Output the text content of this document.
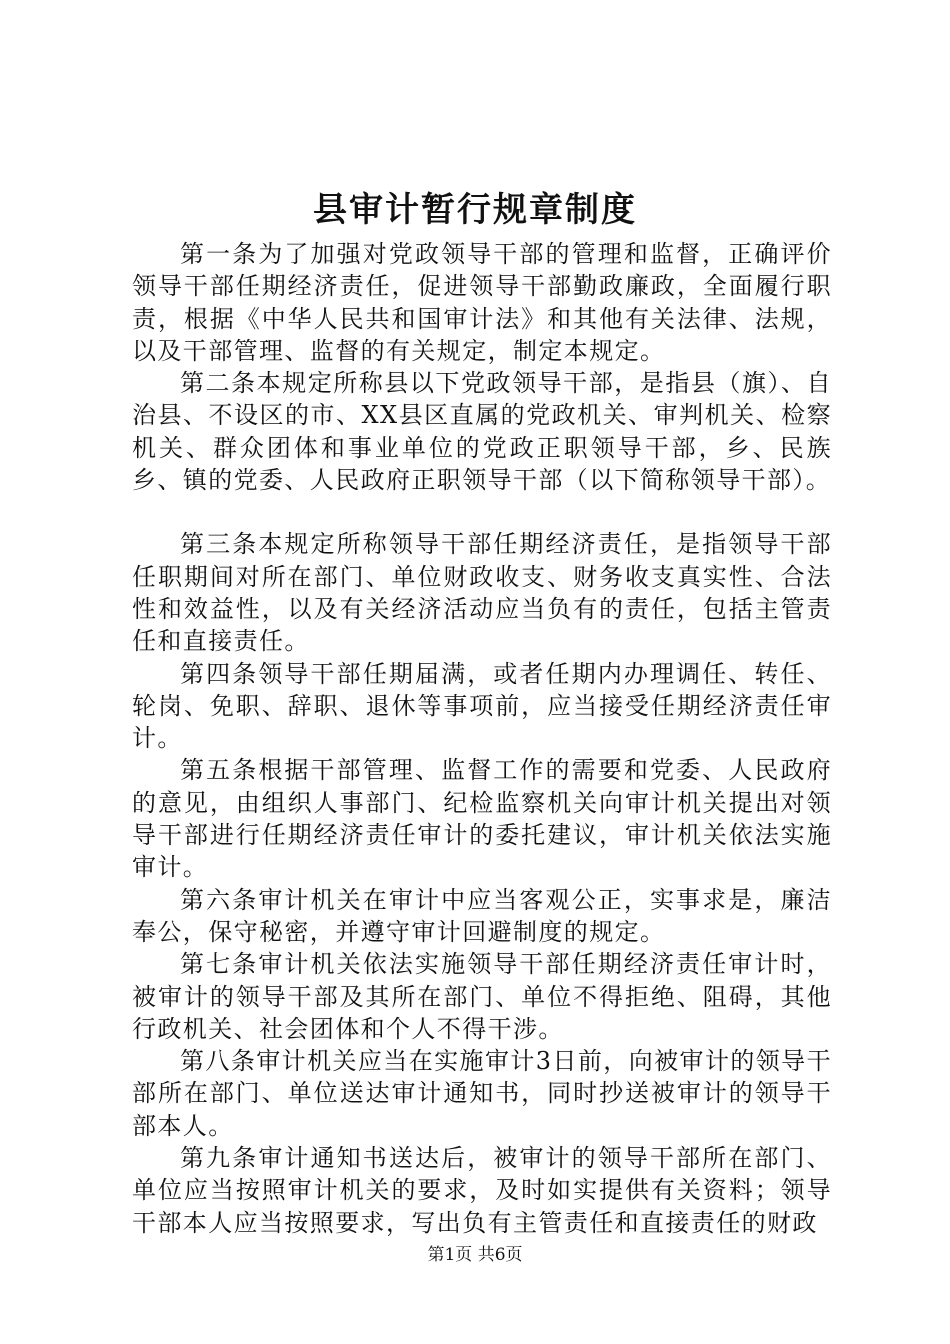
县审计暂行规章制度

第一条为了加强对党政领导干部的管理和监督，正确评价领导干部任期经济责任，促进领导干部勤政廉政，全面履行职责，根据《中华人民共和国审计法》和其他有关法律、法规，以及干部管理、监督的有关规定，制定本规定。

第二条本规定所称县以下党政领导干部，是指县（旗）、自治县、不设区的市、XX县区直属的党政机关、审判机关、检察机关、群众团体和事业单位的党政正职领导干部，乡、民族乡、镇的党委、人民政府正职领导干部（以下简称领导干部）。

第三条本规定所称领导干部任期经济责任，是指领导干部任职期间对所在部门、单位财政收支、财务收支真实性、合法性和效益性，以及有关经济活动应当负有的责任，包括主管责任和直接责任。

第四条领导干部任期届满，或者任期内办理调任、转任、轮岗、免职、辞职、退休等事项前，应当接受任期经济责任审计。

第五条根据干部管理、监督工作的需要和党委、人民政府的意见，由组织人事部门、纪检监察机关向审计机关提出对领导干部进行任期经济责任审计的委托建议，审计机关依法实施审计。

第六条审计机关在审计中应当客观公正，实事求是，廉洁奉公，保守秘密，并遵守审计回避制度的规定。

第七条审计机关依法实施领导干部任期经济责任审计时，被审计的领导干部及其所在部门、单位不得拒绝、阻碍，其他行政机关、社会团体和个人不得干涉。

第八条审计机关应当在实施审计3日前，向被审计的领导干部所在部门、单位送达审计通知书，同时抄送被审计的领导干部本人。

第九条审计通知书送达后，被审计的领导干部所在部门、单位应当按照审计机关的要求，及时如实提供有关资料；领导干部本人应当按照要求，写出负有主管责任和直接责任的财政

第1页 共6页
